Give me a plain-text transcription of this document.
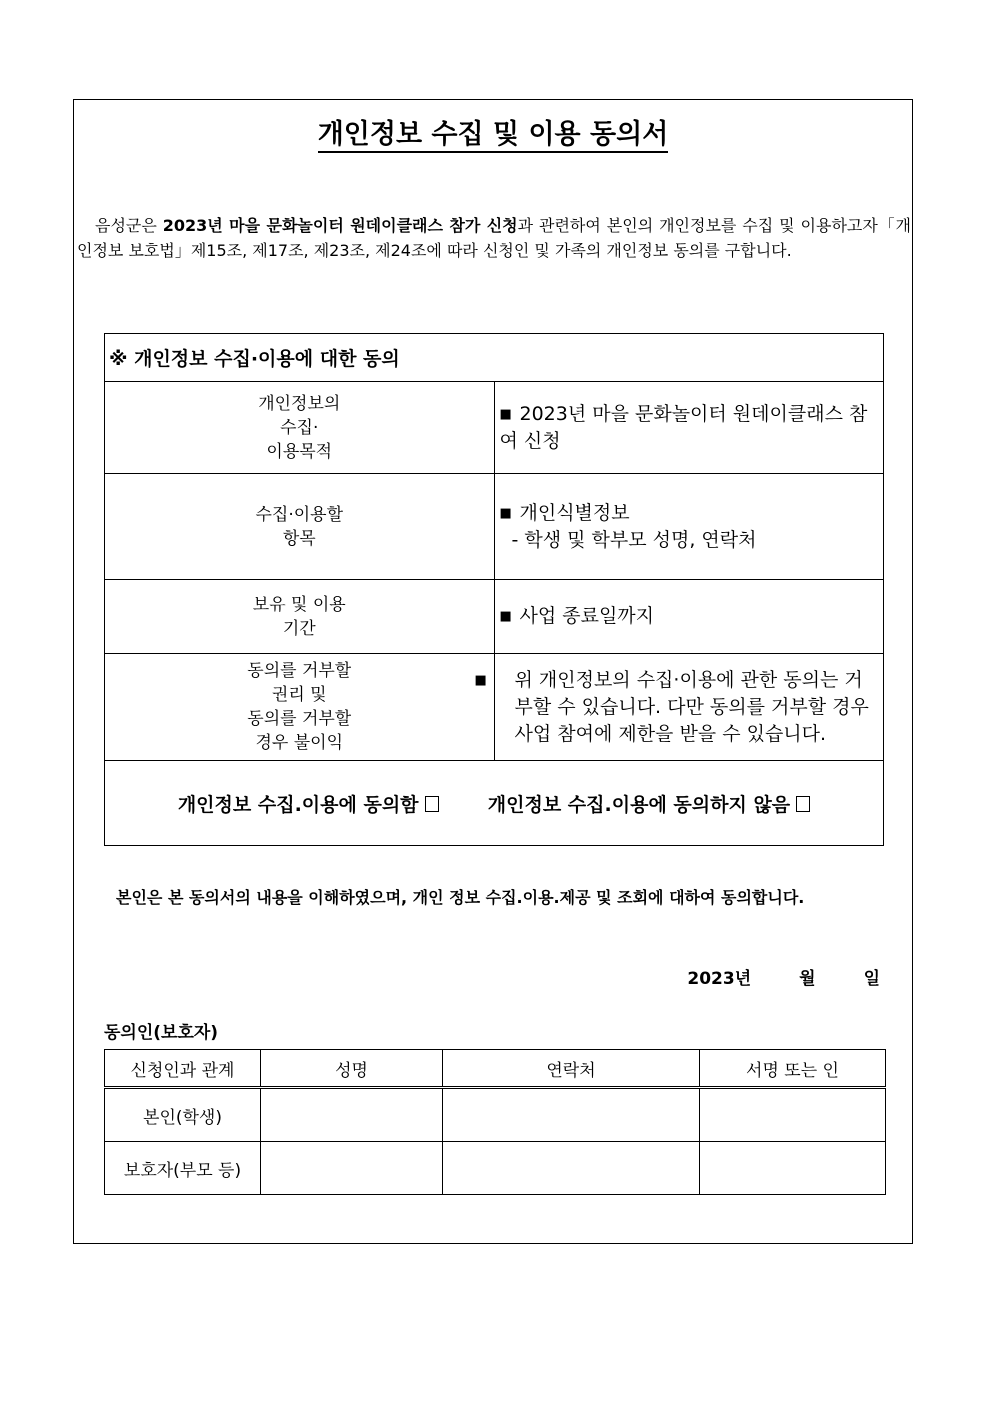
개인정보 수집 및 이용 동의서
음성군은 2023년 마을 문화놀이터 원데이클래스 참가 신청과 관련하여 본인의 개인정보를 수집 및 이용하고자「개인정보 보호법」제15조, 제17조, 제23조, 제24조에 따라 신청인 및 가족의 개인정보 동의를 구합니다.
※ 개인정보 수집·이용에 대한 동의	
개인정보의
수집·
이용목적	■ 2023년 마을 문화놀이터 원데이클래스 참여 신청
수집·이용할
항목	■ 개인식별정보
- 학생 및 학부모 성명, 연락처
보유 및 이용
기간	■ 사업 종료일까지
동의를 거부할
권리 및
동의를 거부할
경우 불이익	■ 위 개인정보의 수집·이용에 관한 동의는 거부할 수 있습니다. 다만 동의를 거부할 경우 사업 참여에 제한을 받을 수 있습니다.
개인정보 수집.이용에 동의함 개인정보 수집.이용에 동의하지 않음	
본인은 본 동의서의 내용을 이해하였으며, 개인 정보 수집.이용.제공 및 조회에 대하여 동의합니다.
2023년	월	일
동의인(보호자)
신청인과 관계	성명	연락처	서명 또는 인
본인(학생)			
보호자(부모 등)			
